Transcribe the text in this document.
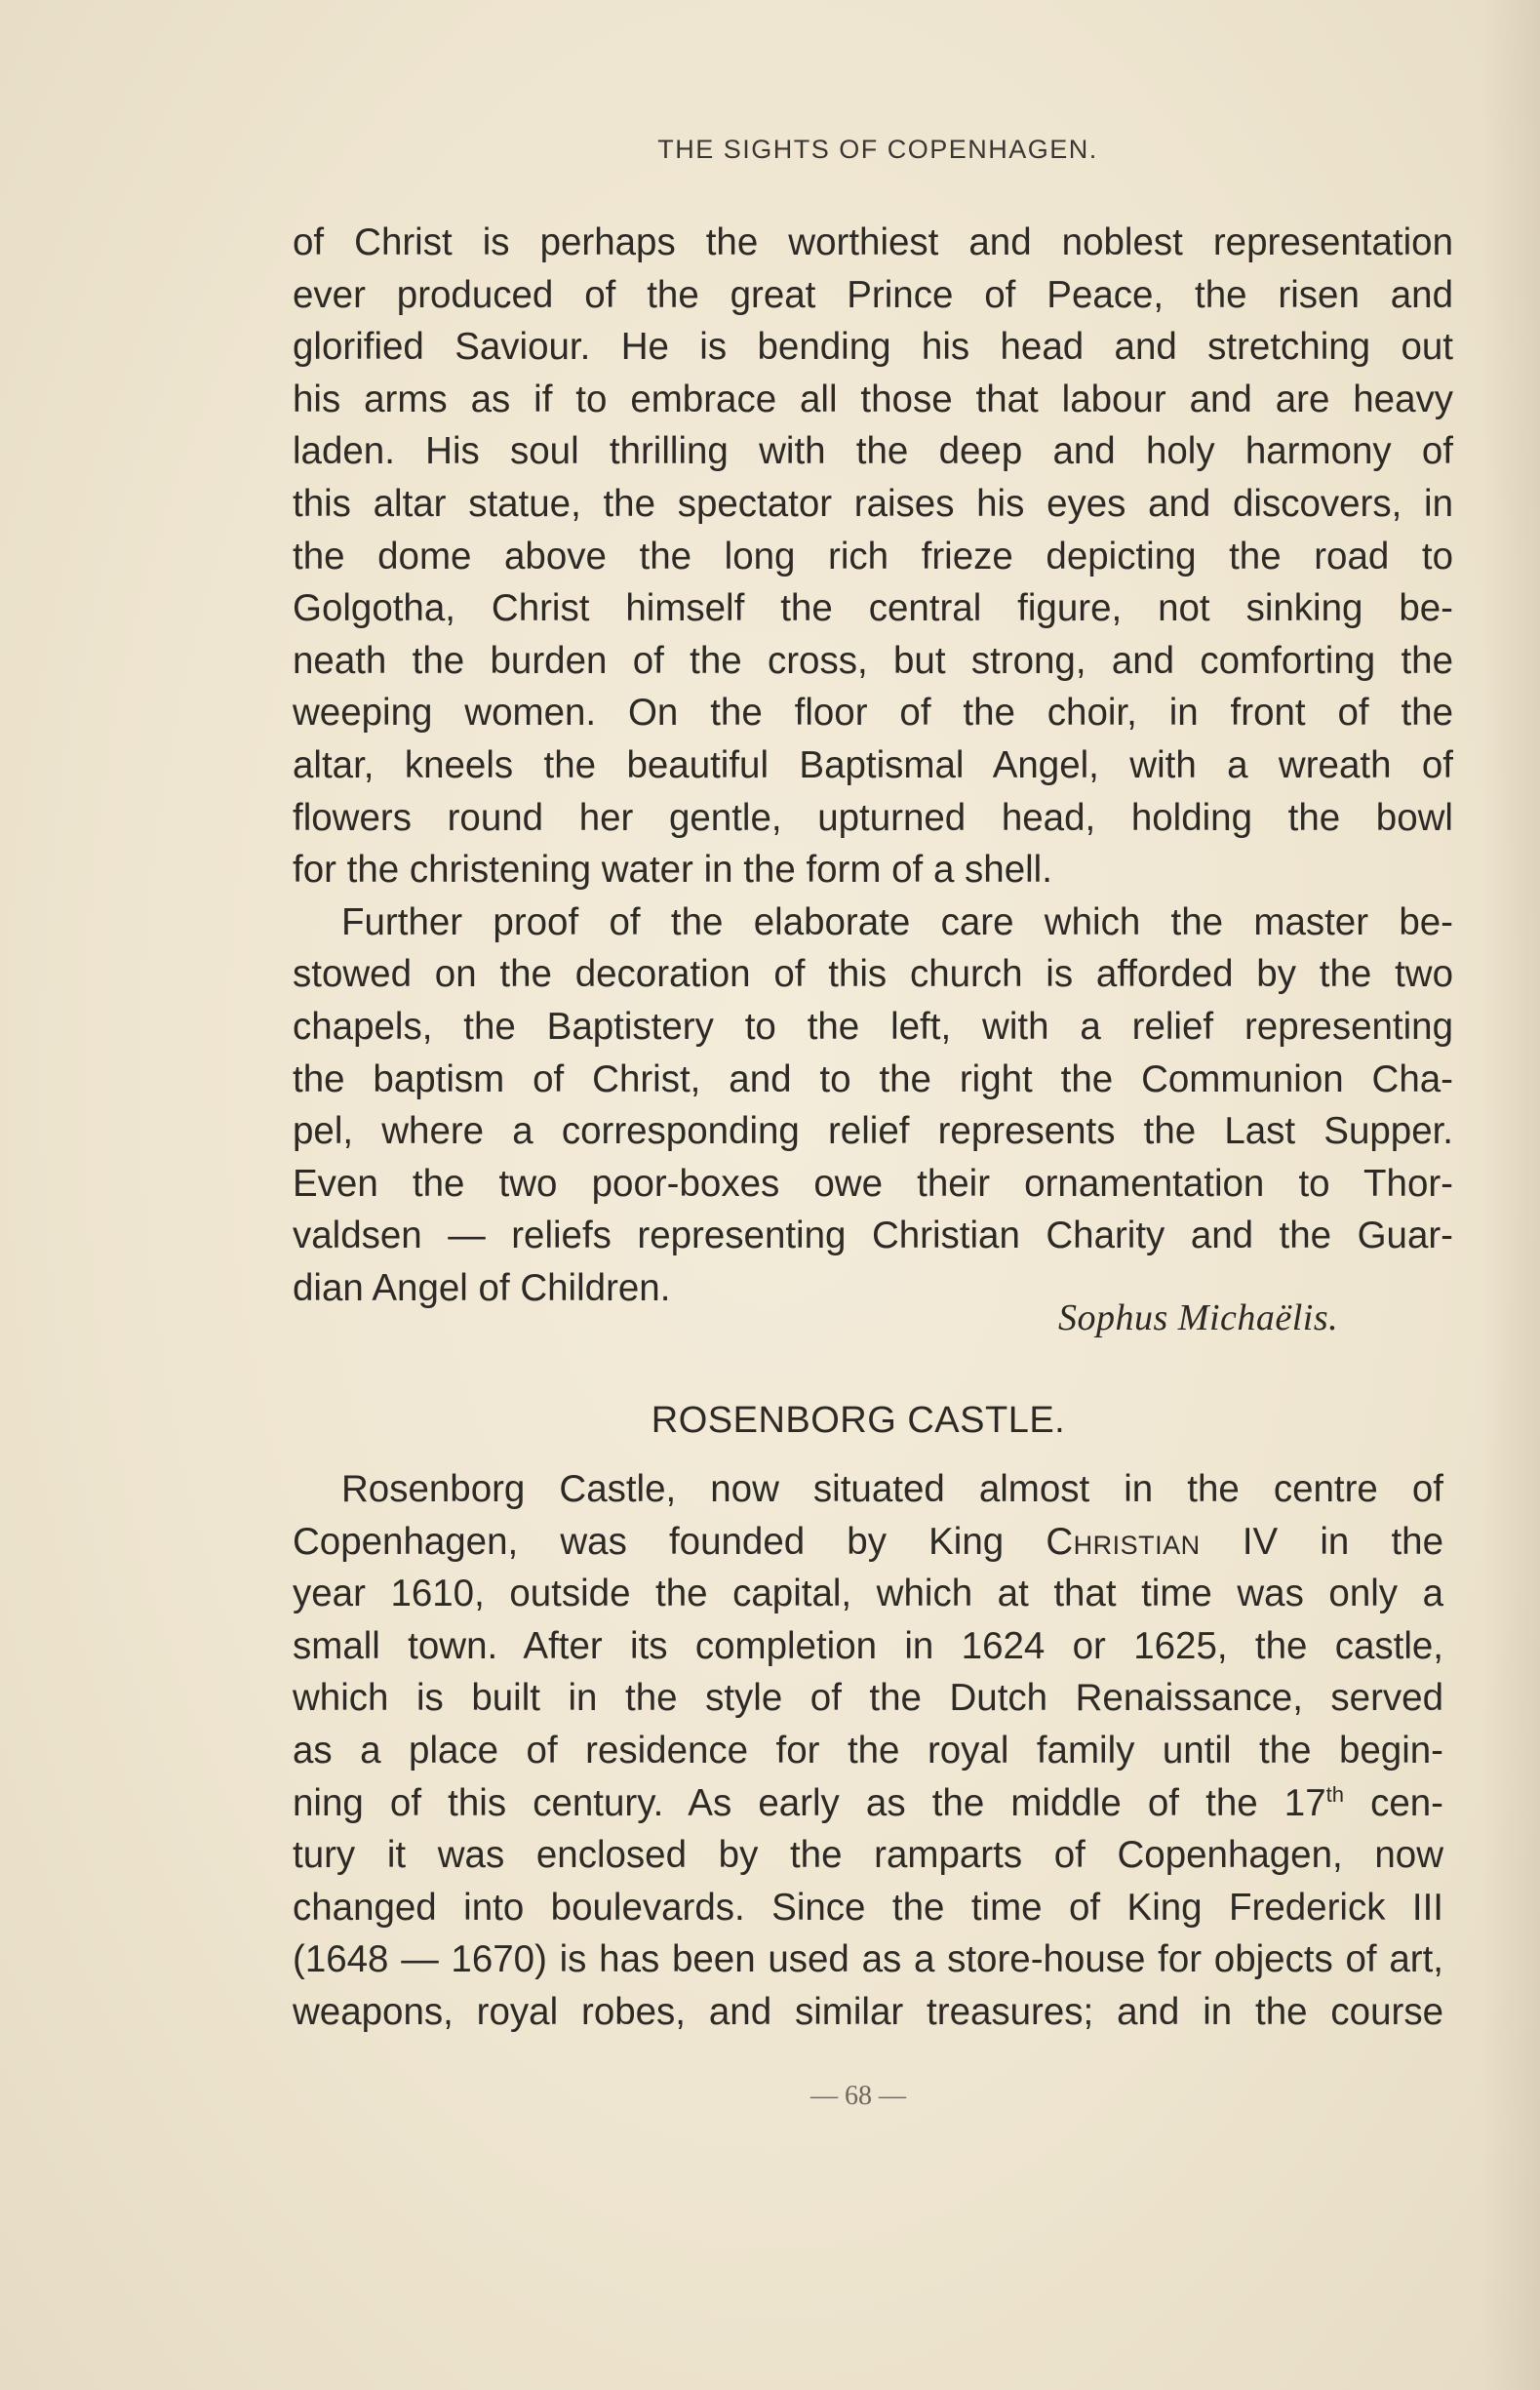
THE SIGHTS OF COPENHAGEN.
of Christ is perhaps the worthiest and noblest representation
ever produced of the great Prince of Peace, the risen and
glorified Saviour. He is bending his head and stretching out
his arms as if to embrace all those that labour and are heavy
laden. His soul thrilling with the deep and holy harmony of
this altar statue, the spectator raises his eyes and discovers, in
the dome above the long rich frieze depicting the road to
Golgotha, Christ himself the central figure, not sinking be-
neath the burden of the cross, but strong, and comforting the
weeping women. On the floor of the choir, in front of the
altar, kneels the beautiful Baptismal Angel, with a wreath of
flowers round her gentle, upturned head, holding the bowl
for the christening water in the form of a shell.
Further proof of the elaborate care which the master be-
stowed on the decoration of this church is afforded by the two
chapels, the Baptistery to the left, with a relief representing
the baptism of Christ, and to the right the Communion Cha-
pel, where a corresponding relief represents the Last Supper.
Even the two poor-boxes owe their ornamentation to Thor-
valdsen — reliefs representing Christian Charity and the Guar-
dian Angel of Children.
Sophus Michaëlis.
ROSENBORG CASTLE.
Rosenborg Castle, now situated almost in the centre of
Copenhagen, was founded by King Christian IV in the
year 1610, outside the capital, which at that time was only a
small town. After its completion in 1624 or 1625, the castle,
which is built in the style of the Dutch Renaissance, served
as a place of residence for the royal family until the begin-
ning of this century. As early as the middle of the 17th cen-
tury it was enclosed by the ramparts of Copenhagen, now
changed into boulevards. Since the time of King Frederick III
(1648 — 1670) is has been used as a store-house for objects of art,
weapons, royal robes, and similar treasures; and in the course
— 68 —
